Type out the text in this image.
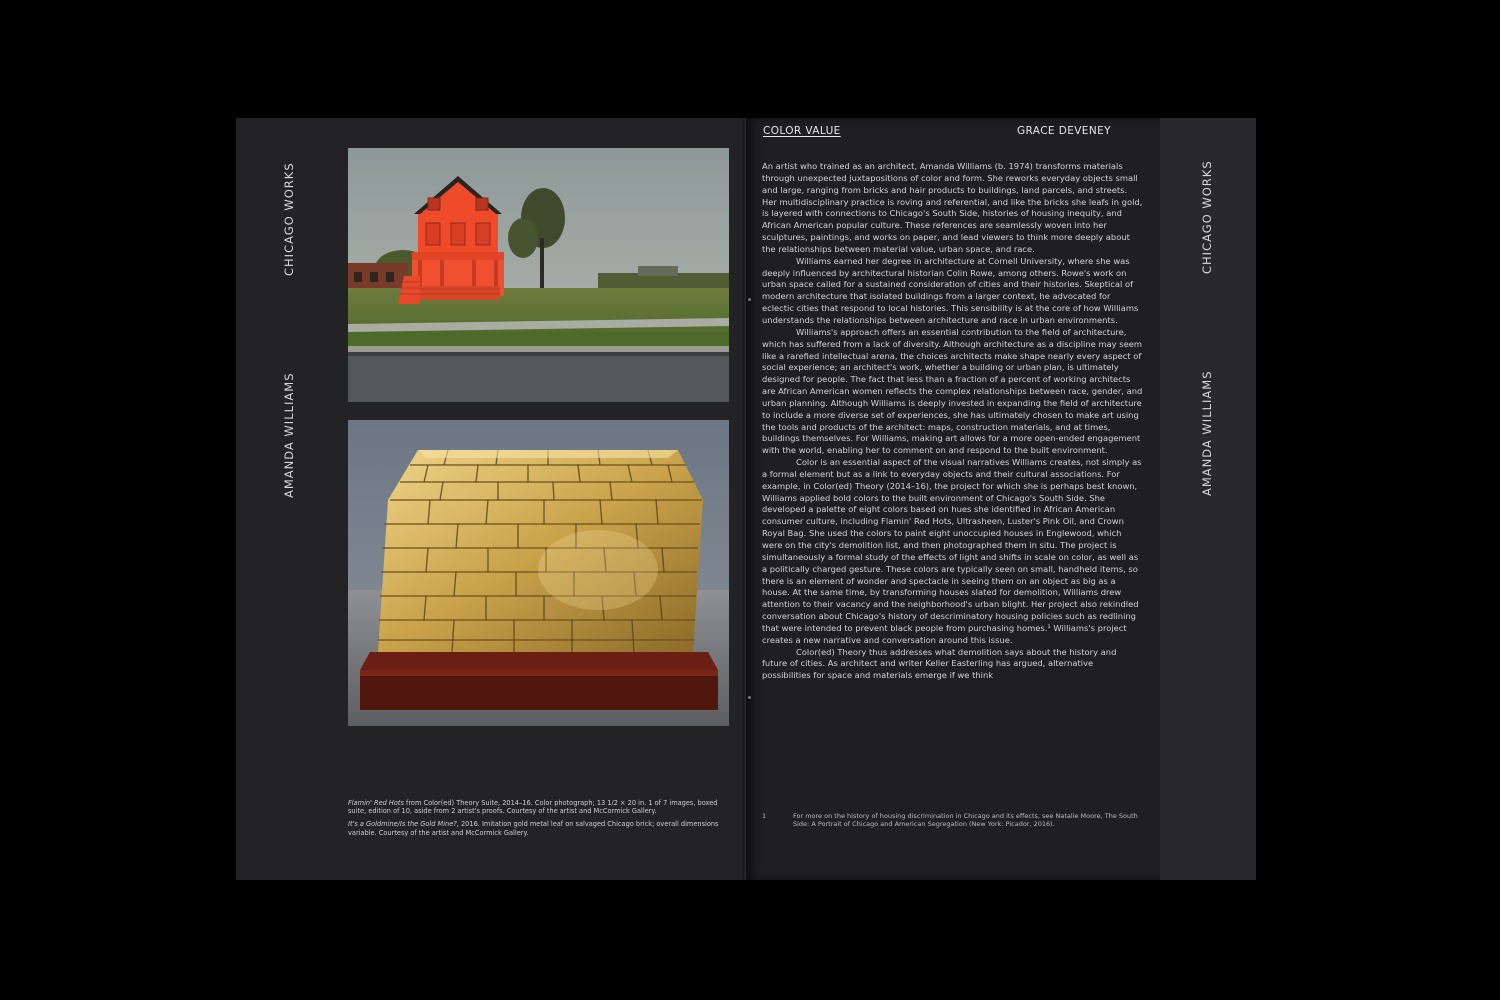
CHICAGO WORKS
AMANDA WILLIAMS

Flamin' Red Hots from Color(ed) Theory Suite, 2014–16. Color photograph; 13 1/2 × 20 in. 1 of 7 images, boxed suite, edition of 10, aside from 2 artist's proofs. Courtesy of the artist and McCormick Gallery.

It's a Goldmine/Is the Gold Mine?, 2016. Imitation gold metal leaf on salvaged Chicago brick; overall dimensions variable. Courtesy of the artist and McCormick Gallery.

CHICAGO WORKS
AMANDA WILLIAMS
COLOR VALUE	GRACE DEVENEY

An artist who trained as an architect, Amanda Williams (b. 1974) transforms materials through unexpected juxtapositions of color and form. She reworks everyday objects small and large, ranging from bricks and hair products to buildings, land parcels, and streets. Her multidisciplinary practice is roving and referential, and like the bricks she leafs in gold, is layered with connections to Chicago's South Side, histories of housing inequity, and African American popular culture. These references are seamlessly woven into her sculptures, paintings, and works on paper, and lead viewers to think more deeply about the relationships between material value, urban space, and race.

Williams earned her degree in architecture at Cornell University, where she was deeply influenced by architectural historian Colin Rowe, among others. Rowe's work on urban space called for a sustained consideration of cities and their histories. Skeptical of modern architecture that isolated buildings from a larger context, he advocated for eclectic cities that respond to local histories. This sensibility is at the core of how Williams understands the relationships between architecture and race in urban environments.

Williams's approach offers an essential contribution to the field of architecture, which has suffered from a lack of diversity. Although architecture as a discipline may seem like a rarefied intellectual arena, the choices architects make shape nearly every aspect of social experience; an architect's work, whether a building or urban plan, is ultimately designed for people. The fact that less than a fraction of a percent of working architects are African American women reflects the complex relationships between race, gender, and urban planning. Although Williams is deeply invested in expanding the field of architecture to include a more diverse set of experiences, she has ultimately chosen to make art using the tools and products of the architect: maps, construction materials, and at times, buildings themselves. For Williams, making art allows for a more open-ended engagement with the world, enabling her to comment on and respond to the built environment.

Color is an essential aspect of the visual narratives Williams creates, not simply as a formal element but as a link to everyday objects and their cultural associations. For example, in Color(ed) Theory (2014–16), the project for which she is perhaps best known, Williams applied bold colors to the built environment of Chicago's South Side. She developed a palette of eight colors based on hues she identified in African American consumer culture, including Flamin' Red Hots, Ultrasheen, Luster's Pink Oil, and Crown Royal Bag. She used the colors to paint eight unoccupied houses in Englewood, which were on the city's demolition list, and then photographed them in situ. The project is simultaneously a formal study of the effects of light and shifts in scale on color, as well as a politically charged gesture. These colors are typically seen on small, handheld items, so there is an element of wonder and spectacle in seeing them on an object as big as a house. At the same time, by transforming houses slated for demolition, Williams drew attention to their vacancy and the neighborhood's urban blight. Her project also rekindled conversation about Chicago's history of descriminatory housing policies such as redlining that were intended to prevent black people from purchasing homes.¹ Williams's project creates a new narrative and conversation around this issue.

Color(ed) Theory thus addresses what demolition says about the history and future of cities. As architect and writer Keller Easterling has argued, alternative possibilities for space and materials emerge if we think

1	For more on the history of housing discrimination in Chicago and its effects, see Natalie Moore, The South Side: A Portrait of Chicago and American Segregation (New York: Picador, 2016).
